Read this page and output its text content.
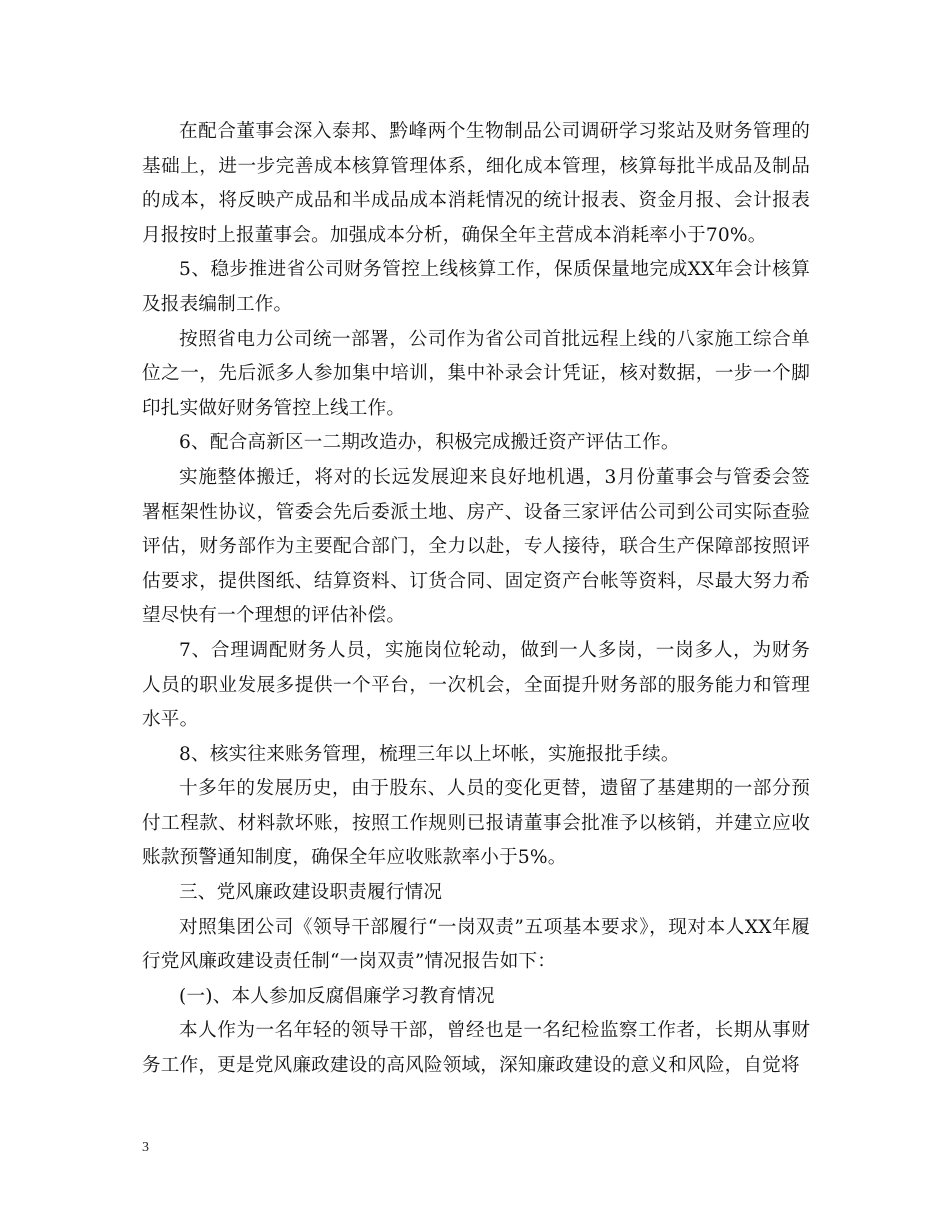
在配合董事会深入泰邦、黔峰两个生物制品公司调研学习浆站及财务管理的基础上，进一步完善成本核算管理体系，细化成本管理，核算每批半成品及制品的成本，将反映产成品和半成品成本消耗情况的统计报表、资金月报、会计报表月报按时上报董事会。加强成本分析，确保全年主营成本消耗率小于70%。

5、稳步推进省公司财务管控上线核算工作，保质保量地完成XX年会计核算及报表编制工作。

按照省电力公司统一部署，公司作为省公司首批远程上线的八家施工综合单位之一，先后派多人参加集中培训，集中补录会计凭证，核对数据，一步一个脚印扎实做好财务管控上线工作。

6、配合高新区一二期改造办，积极完成搬迁资产评估工作。

实施整体搬迁，将对的长远发展迎来良好地机遇，3月份董事会与管委会签署框架性协议，管委会先后委派土地、房产、设备三家评估公司到公司实际查验评估，财务部作为主要配合部门，全力以赴，专人接待，联合生产保障部按照评估要求，提供图纸、结算资料、订货合同、固定资产台帐等资料，尽最大努力希望尽快有一个理想的评估补偿。

7、合理调配财务人员，实施岗位轮动，做到一人多岗，一岗多人，为财务人员的职业发展多提供一个平台，一次机会，全面提升财务部的服务能力和管理水平。

8、核实往来账务管理，梳理三年以上坏帐，实施报批手续。

十多年的发展历史，由于股东、人员的变化更替，遗留了基建期的一部分预付工程款、材料款坏账，按照工作规则已报请董事会批准予以核销，并建立应收账款预警通知制度，确保全年应收账款率小于5%。

三、党风廉政建设职责履行情况

对照集团公司《领导干部履行“一岗双责”五项基本要求》，现对本人XX年履行党风廉政建设责任制“一岗双责”情况报告如下：

(一)、本人参加反腐倡廉学习教育情况

本人作为一名年轻的领导干部，曾经也是一名纪检监察工作者，长期从事财务工作，更是党风廉政建设的高风险领域，深知廉政建设的意义和风险，自觉将

3
